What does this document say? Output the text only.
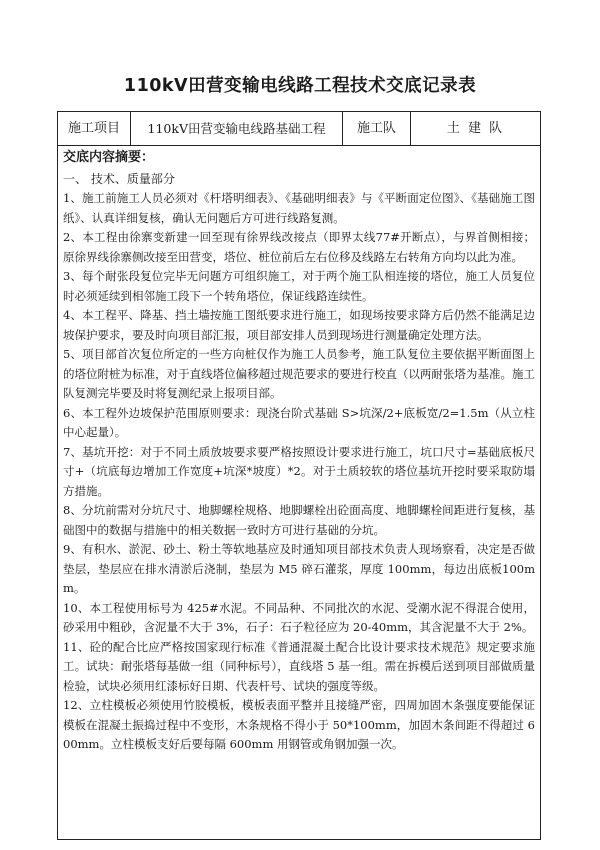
110kV田营变输电线路工程技术交底记录表
施工项目	110kV田营变输电线路基础工程	施工队	土 建 队
交底内容摘要：
一、 技术、质量部分
1、施工前施工人员必须对《杆塔明细表》、《基础明细表》与《平断面定位图》、《基础施工图纸》、认真详细复核，确认无问题后方可进行线路复测。
2、本工程由徐寨变新建一回至现有徐界线改接点（即界太线77#开断点），与界首侧相接；原徐界线徐寨侧改接至田营变，塔位、桩位前后左右位移及线路左右转角方向均以此为准。
3、每个耐张段复位完毕无问题方可组织施工，对于两个施工队相连接的塔位，施工人员复位时必须延续到相邻施工段下一个转角塔位，保证线路连续性。
4、本工程平、降基、挡土墙按施工图纸要求进行施工，如现场按要求降方后仍然不能满足边坡保护要求，要及时向项目部汇报，项目部安排人员到现场进行测量确定处理方法。
5、项目部首次复位所定的一些方向桩仅作为施工人员参考，施工队复位主要依据平断面图上的塔位附桩为标准，对于直线塔位偏移超过规范要求的要进行校直（以两耐张塔为基准。施工队复测完毕要及时将复测纪录上报项目部。
6、本工程外边坡保护范围原则要求：现浇台阶式基础 S>坑深/2+底板宽/2=1.5m（从立柱中心起量）。
7、基坑开挖：对于不同土质放坡要求要严格按照设计要求进行施工，坑口尺寸=基础底板尺寸+（坑底每边增加工作宽度+坑深*坡度）*2。对于土质较软的塔位基坑开挖时要采取防塌方措施。
8、分坑前需对分坑尺寸、地脚螺栓规格、地脚螺栓出砼面高度、地脚螺栓间距进行复核，基础图中的数据与措施中的相关数据一致时方可进行基础的分坑。
9、有积水、淤泥、砂土、粉土等软地基应及时通知项目部技术负责人现场察看，决定是否做垫层，垫层应在排水清淤后浇制，垫层为 M5 碎石灌浆，厚度 100mm，每边出底板100mm。
10、本工程使用标号为 425#水泥。不同品种、不同批次的水泥、受潮水泥不得混合使用，砂采用中粗砂，含泥量不大于 3%，石子：石子粒径应为 20-40mm，其含泥量不大于 2%。
11、砼的配合比应严格按国家现行标准《普通混凝土配合比设计要求技术规范》规定要求施工。试块：耐张塔每基做一组（同种标号），直线塔 5 基一组。需在拆模后送到项目部做质量检验，试块必须用红漆标好日期、代表杆号、试块的强度等级。
12、立柱模板必须使用竹胶模板，模板表面平整并且接缝严密，四周加固木条强度要能保证模板在混凝土振捣过程中不变形，木条规格不得小于 50*100mm，加固木条间距不得超过 600mm。立柱模板支好后要每隔 600mm 用钢管或角钢加强一次。
